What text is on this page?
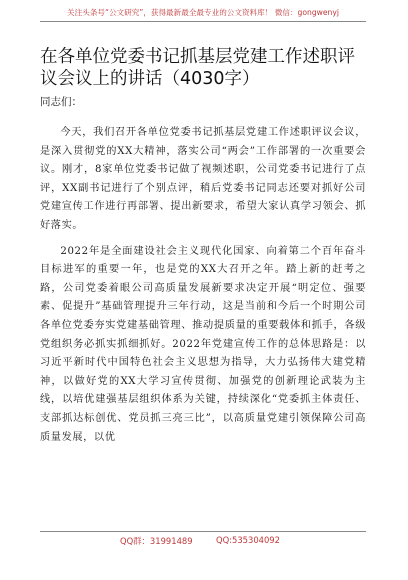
关注头条号“公文研究”，获得最新最全最专业的公文资料库！ 微信：gongwenyj
在各单位党委书记抓基层党建工作述职评议会议上的讲话（4030字）
同志们：

今天，我们召开各单位党委书记抓基层党建工作述职评议会议，是深入贯彻党的XX大精神，落实公司“两会”工作部署的一次重要会议。刚才，8家单位党委书记做了视频述职，公司党委书记进行了点评，XX副书记进行了个别点评，稍后党委书记同志还要对抓好公司党建宣传工作进行再部署、提出新要求，希望大家认真学习领会、抓好落实。

2022年是全面建设社会主义现代化国家、向着第二个百年奋斗目标进军的重要一年，也是党的XX大召开之年。踏上新的赶考之路，公司党委着眼公司高质量发展新要求决定开展“明定位、强要素、促提升”基础管理提升三年行动，这是当前和今后一个时期公司各单位党委夯实党建基础管理、推动提质量的重要载体和抓手，各级党组织务必抓实抓细抓好。2022年党建宣传工作的总体思路是：以习近平新时代中国特色社会主义思想为指导，大力弘扬伟大建党精神，以做好党的XX大学习宣传贯彻、加强党的创新理论武装为主线，以培优建强基层组织体系为关键，持续深化“党委抓主体责任、支部抓达标创优、党员抓三亮三比”，以高质量党建引领保障公司高质量发展，以优

QQ群：31991489	QQ:535304092
